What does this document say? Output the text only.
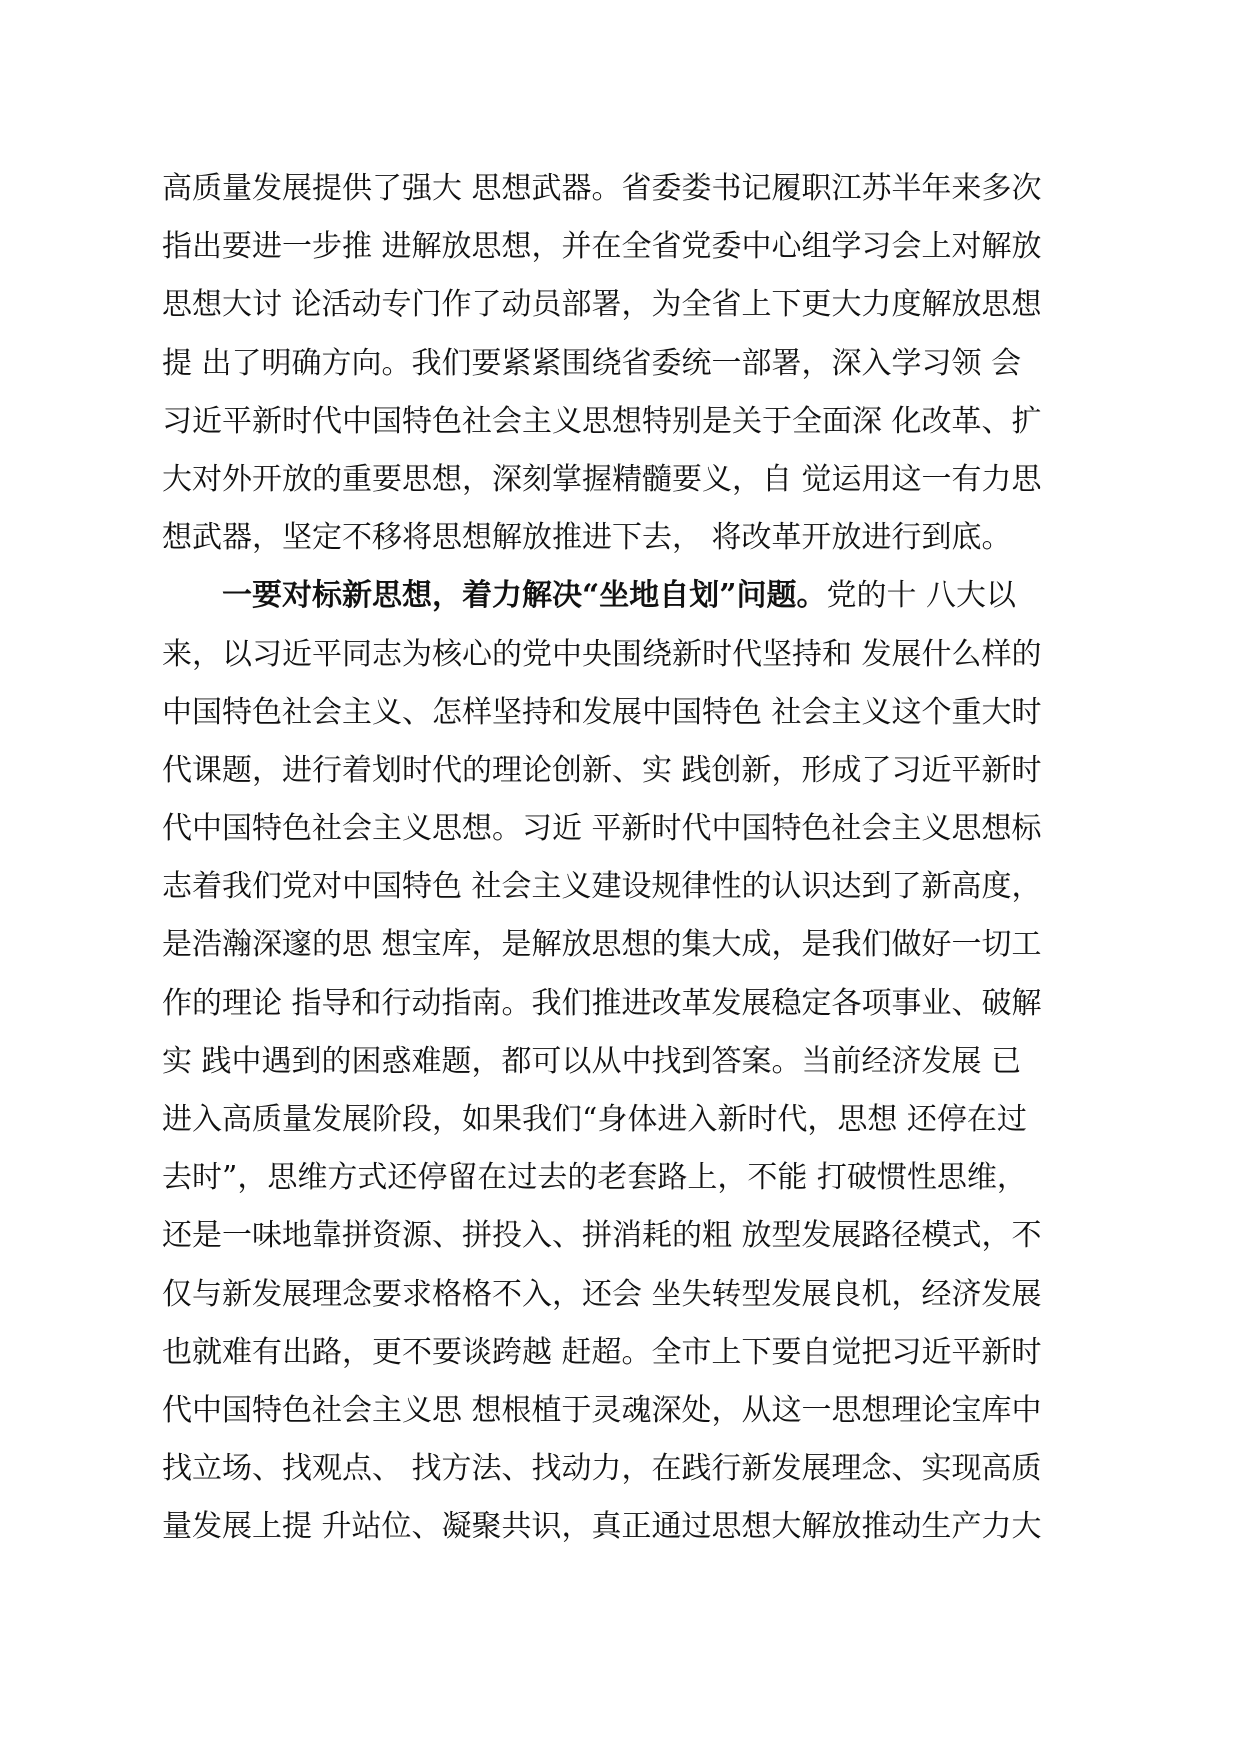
高质量发展提供了强大 思想武器。省委娄书记履职江苏半年来多次
指出要进一步推 进解放思想，并在全省党委中心组学习会上对解放
思想大讨 论活动专门作了动员部署，为全省上下更大力度解放思想
提 出了明确方向。我们要紧紧围绕省委统一部署，深入学习领 会
习近平新时代中国特色社会主义思想特别是关于全面深 化改革、扩
大对外开放的重要思想，深刻掌握精髓要义，自 觉运用这一有力思
想武器，坚定不移将思想解放推进下去， 将改革开放进行到底。
一要对标新思想，着力解决“坐地自划”问题。党的十 八大以
来，以习近平同志为核心的党中央围绕新时代坚持和 发展什么样的
中国特色社会主义、怎样坚持和发展中国特色 社会主义这个重大时
代课题，进行着划时代的理论创新、实 践创新，形成了习近平新时
代中国特色社会主义思想。习近 平新时代中国特色社会主义思想标
志着我们党对中国特色 社会主义建设规律性的认识达到了新高度，
是浩瀚深邃的思 想宝库，是解放思想的集大成，是我们做好一切工
作的理论 指导和行动指南。我们推进改革发展稳定各项事业、破解
实 践中遇到的困惑难题，都可以从中找到答案。当前经济发展 已
进入高质量发展阶段，如果我们“身体进入新时代，思想 还停在过
去时”，思维方式还停留在过去的老套路上，不能 打破惯性思维，
还是一味地靠拼资源、拼投入、拼消耗的粗 放型发展路径模式，不
仅与新发展理念要求格格不入，还会 坐失转型发展良机，经济发展
也就难有出路，更不要谈跨越 赶超。全市上下要自觉把习近平新时
代中国特色社会主义思 想根植于灵魂深处，从这一思想理论宝库中
找立场、找观点、 找方法、找动力，在践行新发展理念、实现高质
量发展上提 升站位、凝聚共识，真正通过思想大解放推动生产力大
